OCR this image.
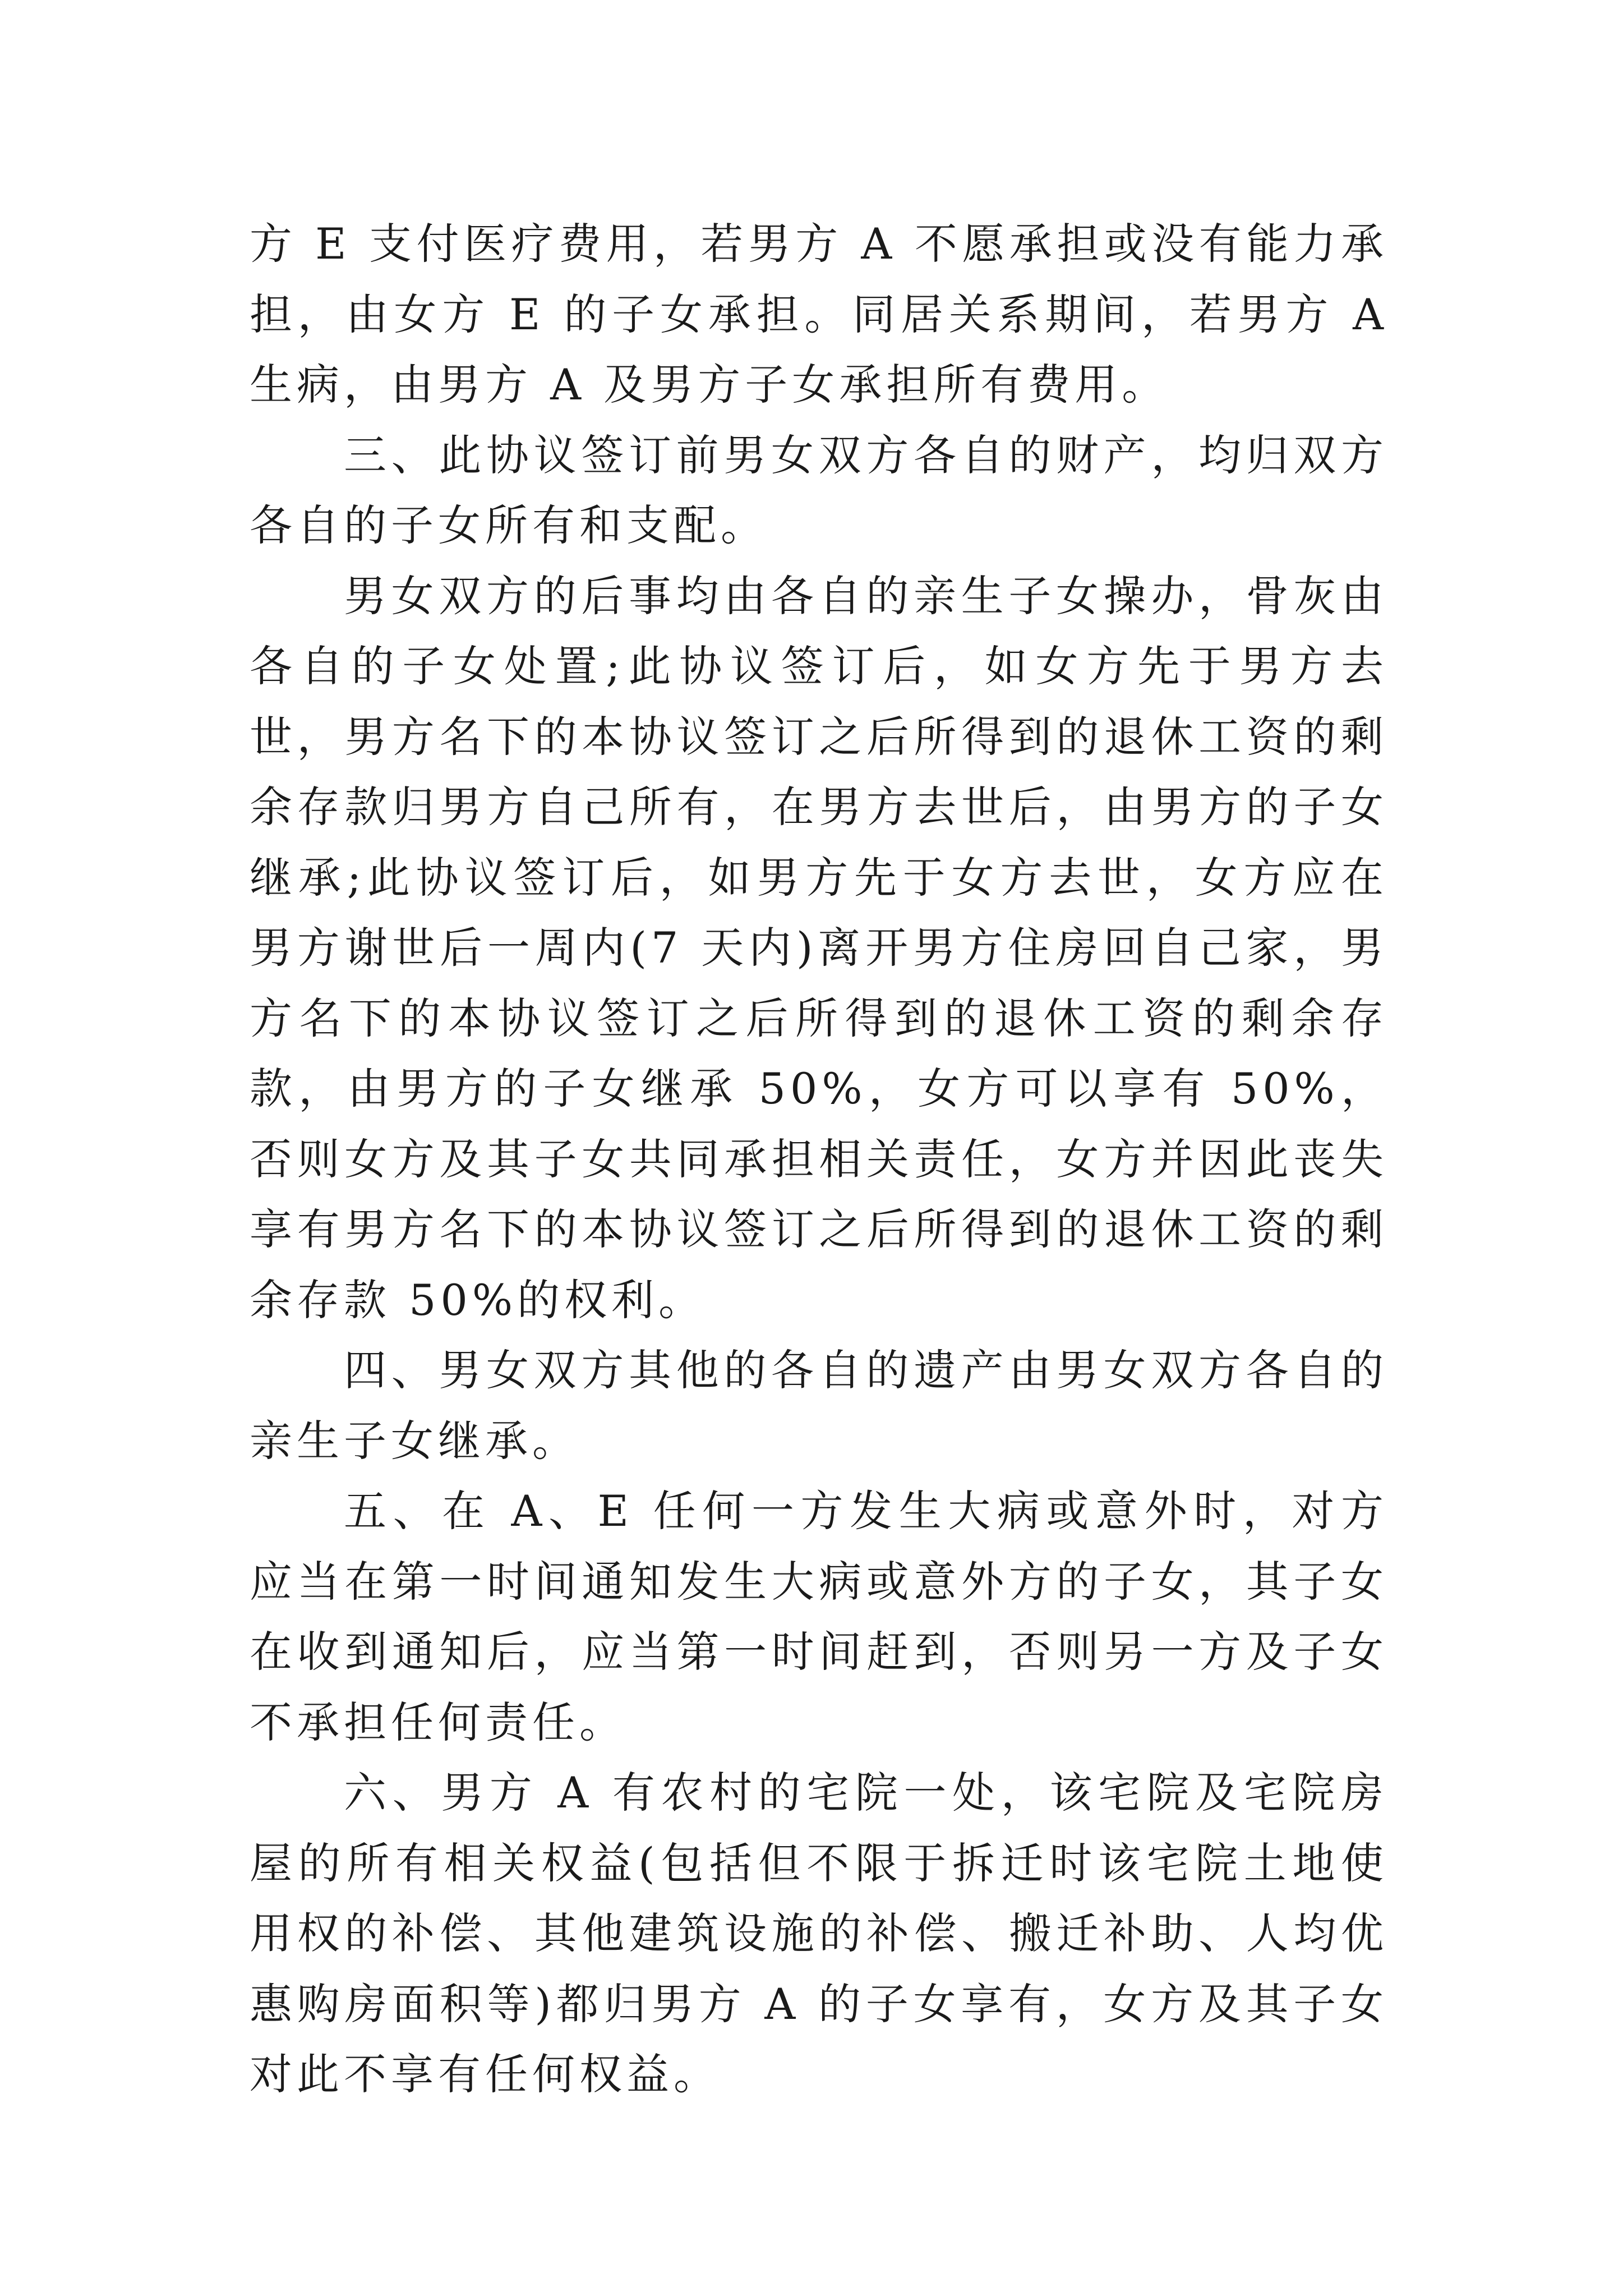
方 E 支付医疗费用，若男方 A 不愿承担或没有能力承担，由女方 E 的子女承担。同居关系期间，若男方 A 生病，由男方 A 及男方子女承担所有费用。

三、此协议签订前男女双方各自的财产，均归双方各自的子女所有和支配。

男女双方的后事均由各自的亲生子女操办，骨灰由各自的子女处置;此协议签订后，如女方先于男方去世，男方名下的本协议签订之后所得到的退休工资的剩余存款归男方自己所有，在男方去世后，由男方的子女继承;此协议签订后，如男方先于女方去世，女方应在男方谢世后一周内(7 天内)离开男方住房回自己家，男方名下的本协议签订之后所得到的退休工资的剩余存款，由男方的子女继承 50%，女方可以享有 50%，否则女方及其子女共同承担相关责任，女方并因此丧失享有男方名下的本协议签订之后所得到的退休工资的剩余存款 50%的权利。

四、男女双方其他的各自的遗产由男女双方各自的亲生子女继承。

五、在 A、E 任何一方发生大病或意外时，对方应当在第一时间通知发生大病或意外方的子女，其子女在收到通知后，应当第一时间赶到，否则另一方及子女不承担任何责任。

六、男方 A 有农村的宅院一处，该宅院及宅院房屋的所有相关权益(包括但不限于拆迁时该宅院土地使用权的补偿、其他建筑设施的补偿、搬迁补助、人均优惠购房面积等)都归男方 A 的子女享有，女方及其子女对此不享有任何权益。
